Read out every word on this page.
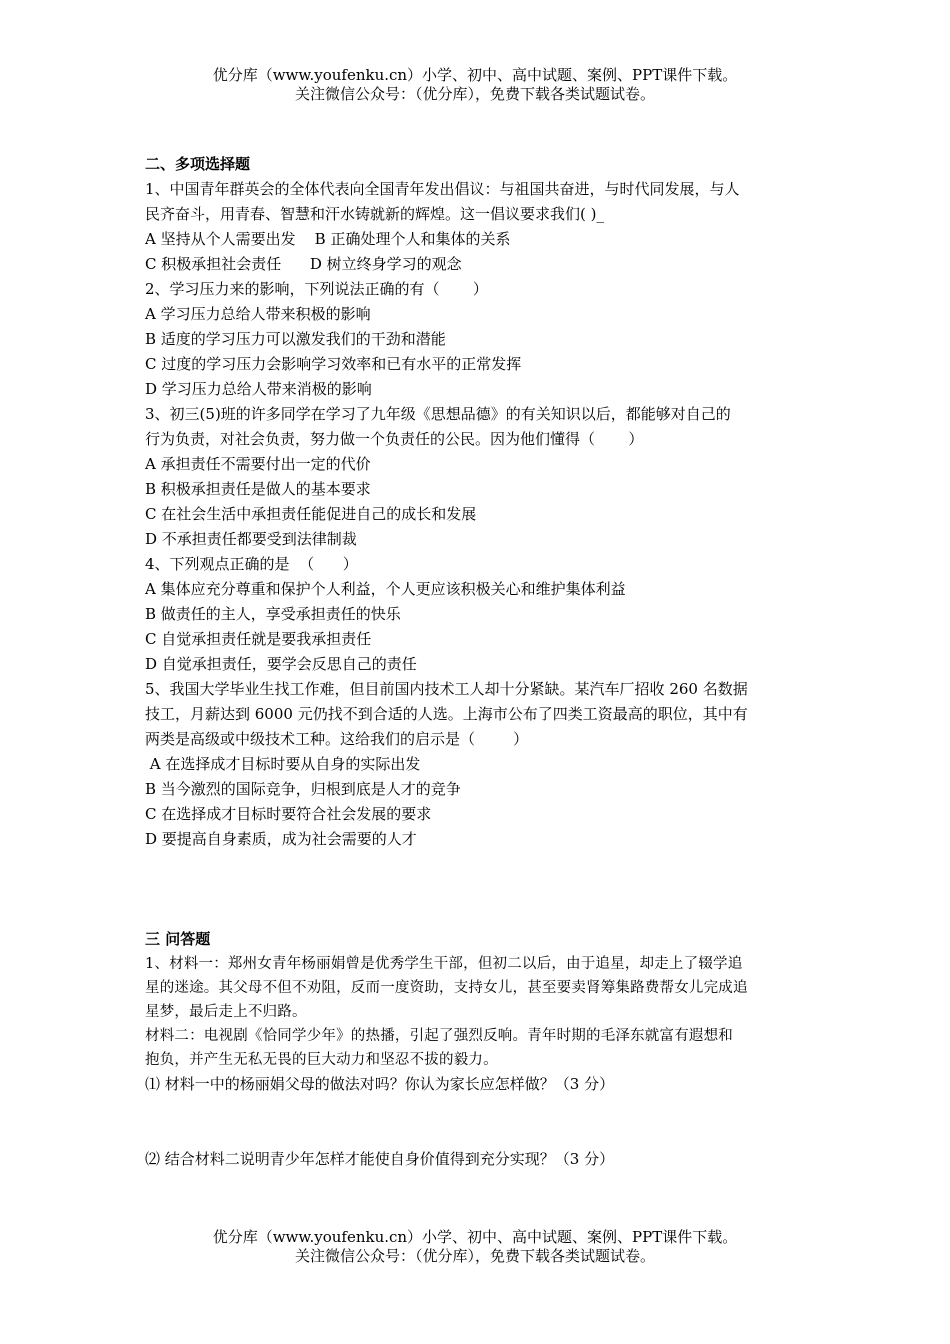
优分库（www.youfenku.cn）小学、初中、高中试题、案例、PPT课件下载。
关注微信公众号：（优分库），免费下载各类试题试卷。
二、多项选择题
1、中国青年群英会的全体代表向全国青年发出倡议：与祖国共奋进，与时代同发展，与人
民齐奋斗，用青春、智慧和汗水铸就新的辉煌。这一倡议要求我们( )_
A 坚持从个人需要出发    B 正确处理个人和集体的关系
C 积极承担社会责任      D 树立终身学习的观念
2、学习压力来的影响，下列说法正确的有（       ）
A 学习压力总给人带来积极的影响
B 适度的学习压力可以激发我们的干劲和潜能
C 过度的学习压力会影响学习效率和已有水平的正常发挥
D 学习压力总给人带来消极的影响
3、初三(5)班的许多同学在学习了九年级《思想品德》的有关知识以后，都能够对自己的
行为负责，对社会负责，努力做一个负责任的公民。因为他们懂得（       ）
A 承担责任不需要付出一定的代价
B 积极承担责任是做人的基本要求
C 在社会生活中承担责任能促进自己的成长和发展
D 不承担责任都要受到法律制裁
4、下列观点正确的是  （      ）
A 集体应充分尊重和保护个人利益，个人更应该积极关心和维护集体利益
B 做责任的主人，享受承担责任的快乐
C 自觉承担责任就是要我承担责任
D 自觉承担责任，要学会反思自己的责任
5、我国大学毕业生找工作难，但目前国内技术工人却十分紧缺。某汽车厂招收 260 名数据
技工，月薪达到 6000 元仍找不到合适的人选。上海市公布了四类工资最高的职位，其中有
两类是高级或中级技术工种。这给我们的启示是（        ）
A 在选择成才目标时要从自身的实际出发
B 当今激烈的国际竞争，归根到底是人才的竞争
C 在选择成才目标时要符合社会发展的要求
D 要提高自身素质，成为社会需要的人才
三 问答题
1、材料一：郑州女青年杨丽娟曾是优秀学生干部，但初二以后，由于追星，却走上了辍学追
星的迷途。其父母不但不劝阻，反而一度资助，支持女儿，甚至要卖肾筹集路费帮女儿完成追
星梦，最后走上不归路。
材料二：电视剧《恰同学少年》的热播，引起了强烈反响。青年时期的毛泽东就富有遐想和
抱负，并产生无私无畏的巨大动力和坚忍不拔的毅力。
⑴ 材料一中的杨丽娟父母的做法对吗？你认为家长应怎样做？（3 分）
⑵ 结合材料二说明青少年怎样才能使自身价值得到充分实现？（3 分）
优分库（www.youfenku.cn）小学、初中、高中试题、案例、PPT课件下载。
关注微信公众号：（优分库），免费下载各类试题试卷。
